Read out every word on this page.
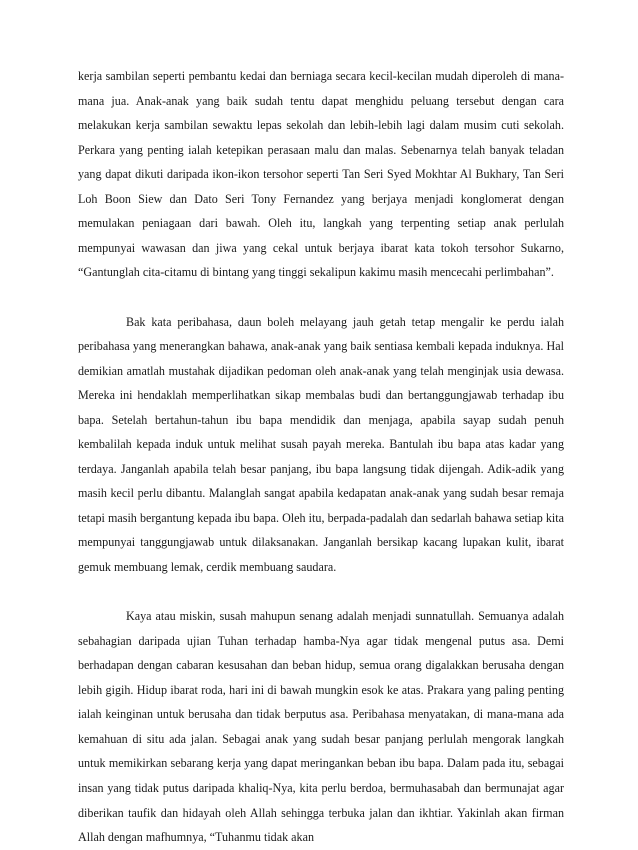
kerja sambilan seperti pembantu kedai dan berniaga secara kecil-kecilan mudah diperoleh di mana-mana jua. Anak-anak yang baik sudah tentu dapat menghidu peluang tersebut dengan cara melakukan kerja sambilan sewaktu lepas sekolah dan lebih-lebih lagi dalam musim cuti sekolah. Perkara yang penting ialah ketepikan perasaan malu dan malas. Sebenarnya telah banyak teladan yang dapat dikuti daripada ikon-ikon tersohor seperti Tan Seri Syed Mokhtar Al Bukhary, Tan Seri Loh Boon Siew dan Dato Seri Tony Fernandez yang berjaya menjadi konglomerat dengan memulakan peniagaan dari bawah. Oleh itu, langkah yang terpenting setiap anak perlulah mempunyai wawasan dan jiwa yang cekal untuk berjaya ibarat kata tokoh tersohor Sukarno, “Gantunglah cita-citamu di bintang yang tinggi sekalipun kakimu masih mencecahi perlimbahan”.

Bak kata peribahasa, daun boleh melayang jauh getah tetap mengalir ke perdu ialah peribahasa yang menerangkan bahawa, anak-anak yang baik sentiasa kembali kepada induknya. Hal demikian amatlah mustahak dijadikan pedoman oleh anak-anak yang telah menginjak usia dewasa. Mereka ini hendaklah memperlihatkan sikap membalas budi dan bertanggungjawab terhadap ibu bapa. Setelah bertahun-tahun ibu bapa mendidik dan menjaga, apabila sayap sudah penuh kembalilah kepada induk untuk melihat susah payah mereka. Bantulah ibu bapa atas kadar yang terdaya. Janganlah apabila telah besar panjang, ibu bapa langsung tidak dijengah. Adik-adik yang masih kecil perlu dibantu. Malanglah sangat apabila kedapatan anak-anak yang sudah besar remaja tetapi masih bergantung kepada ibu bapa. Oleh itu, berpada-padalah dan sedarlah bahawa setiap kita mempunyai tanggungjawab untuk dilaksanakan. Janganlah bersikap kacang lupakan kulit, ibarat gemuk membuang lemak, cerdik membuang saudara.

Kaya atau miskin, susah mahupun senang adalah menjadi sunnatullah. Semuanya adalah sebahagian daripada ujian Tuhan terhadap hamba-Nya agar tidak mengenal putus asa. Demi berhadapan dengan cabaran kesusahan dan beban hidup, semua orang digalakkan berusaha dengan lebih gigih. Hidup ibarat roda, hari ini di bawah mungkin esok ke atas. Prakara yang paling penting ialah keinginan untuk berusaha dan tidak berputus asa. Peribahasa menyatakan, di mana-mana ada kemahuan di situ ada jalan. Sebagai anak yang sudah besar panjang perlulah mengorak langkah untuk memikirkan sebarang kerja yang dapat meringankan beban ibu bapa. Dalam pada itu, sebagai insan yang tidak putus daripada khaliq-Nya, kita perlu berdoa, bermuhasabah dan bermunajat agar diberikan taufik dan hidayah oleh Allah sehingga terbuka jalan dan ikhtiar. Yakinlah akan firman Allah dengan mafhumnya, “Tuhanmu tidak akan
